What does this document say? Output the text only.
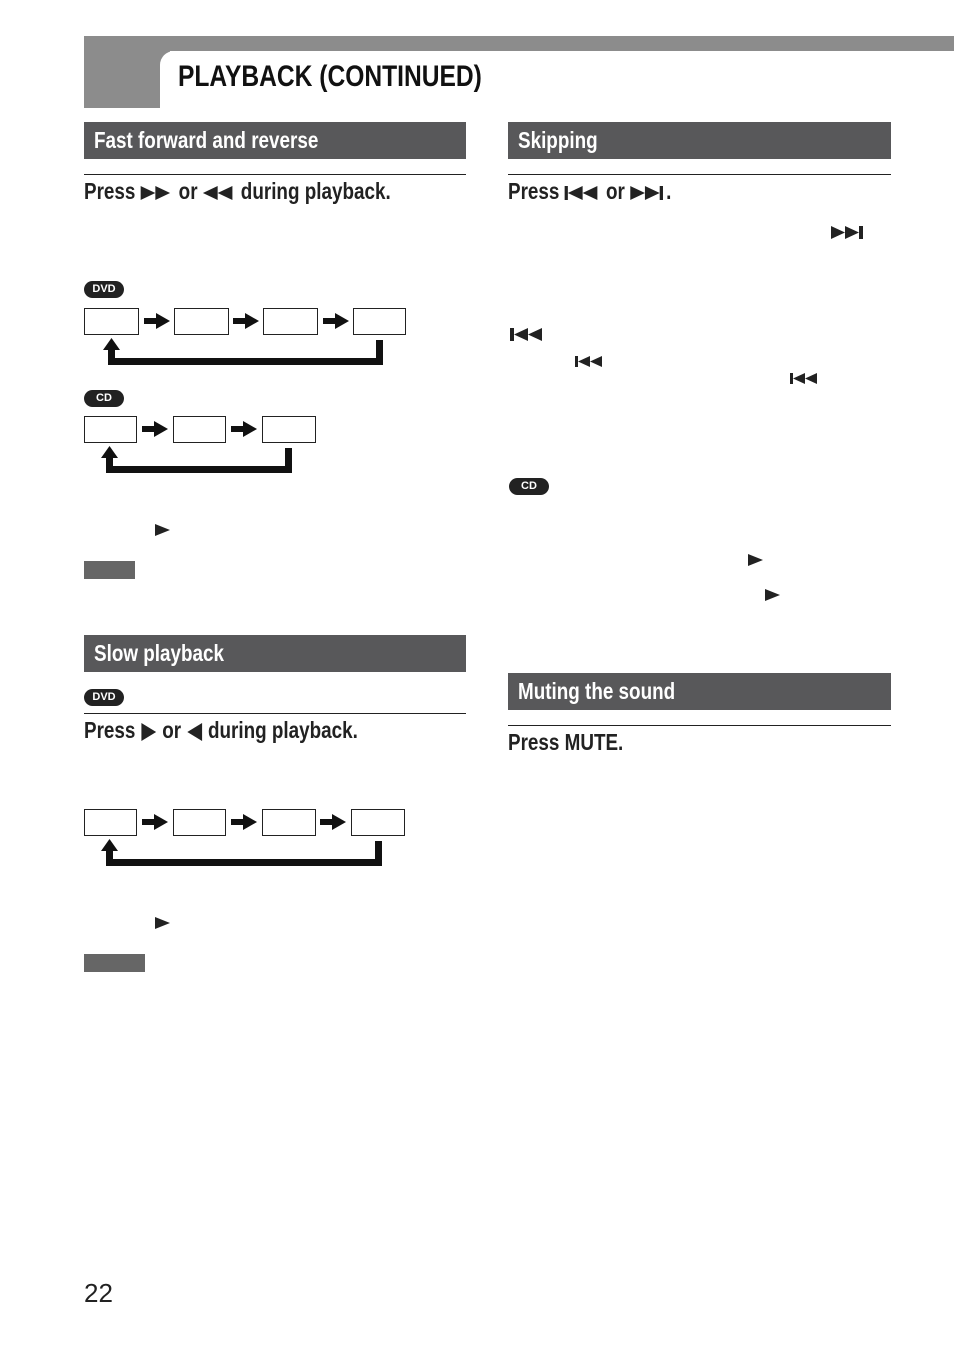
PLAYBACK (CONTINUED)
Fast forward and reverse
Press or during playback.
DVD
CD
Slow playback
DVD
Press or during playback.
Skipping
Press or .
CD
Muting the sound
Press MUTE.
22
